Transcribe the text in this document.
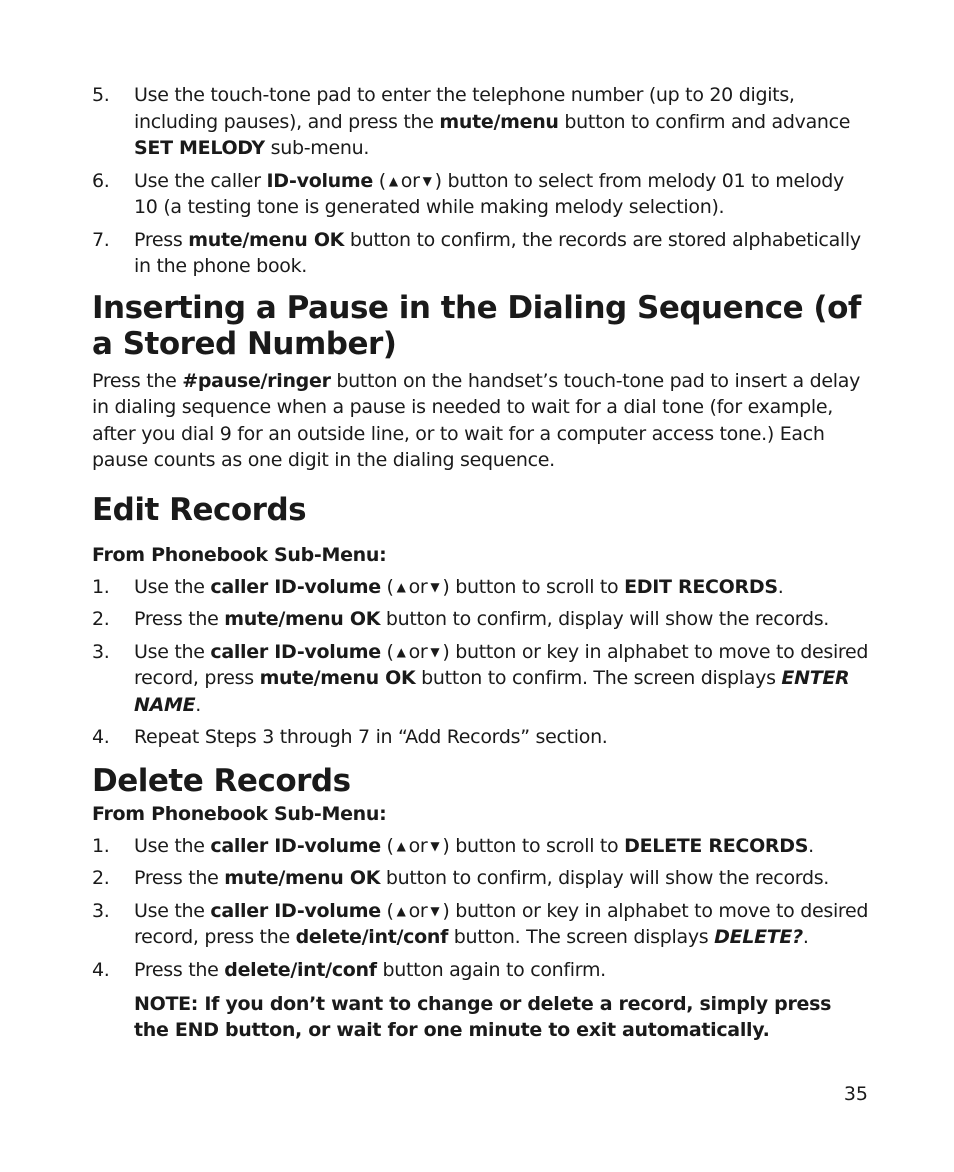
5. Use the touch-tone pad to enter the telephone number (up to 20 digits, including pauses), and press the mute/menu button to confirm and advance SET MELODY sub-menu.
6. Use the caller ID-volume ( ▲ or ▼ ) button to select from melody 01 to melody 10 (a testing tone is generated while making melody selection).
7. Press mute/menu OK button to confirm, the records are stored alphabetically in the phone book.
Inserting a Pause in the Dialing Sequence (of a Stored Number)

Press the #pause/ringer button on the handset’s touch-tone pad to insert a delay in dialing sequence when a pause is needed to wait for a dial tone (for example, after you dial 9 for an outside line, or to wait for a computer access tone.) Each pause counts as one digit in the dialing sequence.

Edit Records
From Phonebook Sub-Menu:
1. Use the caller ID-volume ( ▲ or ▼ ) button to scroll to EDIT RECORDS.
2. Press the mute/menu OK button to confirm, display will show the records.
3. Use the caller ID-volume ( ▲ or ▼ ) button or key in alphabet to move to desired record, press mute/menu OK button to confirm. The screen displays ENTER NAME.
4. Repeat Steps 3 through 7 in “Add Records” section.
Delete Records
From Phonebook Sub-Menu:
1. Use the caller ID-volume ( ▲ or ▼ ) button to scroll to DELETE RECORDS.
2. Press the mute/menu OK button to confirm, display will show the records.
3. Use the caller ID-volume ( ▲ or ▼ ) button or key in alphabet to move to desired record, press the delete/int/conf button. The screen displays DELETE?.
4. Press the delete/int/conf button again to confirm.
NOTE: If you don’t want to change or delete a record, simply press the END button, or wait for one minute to exit automatically.
35
